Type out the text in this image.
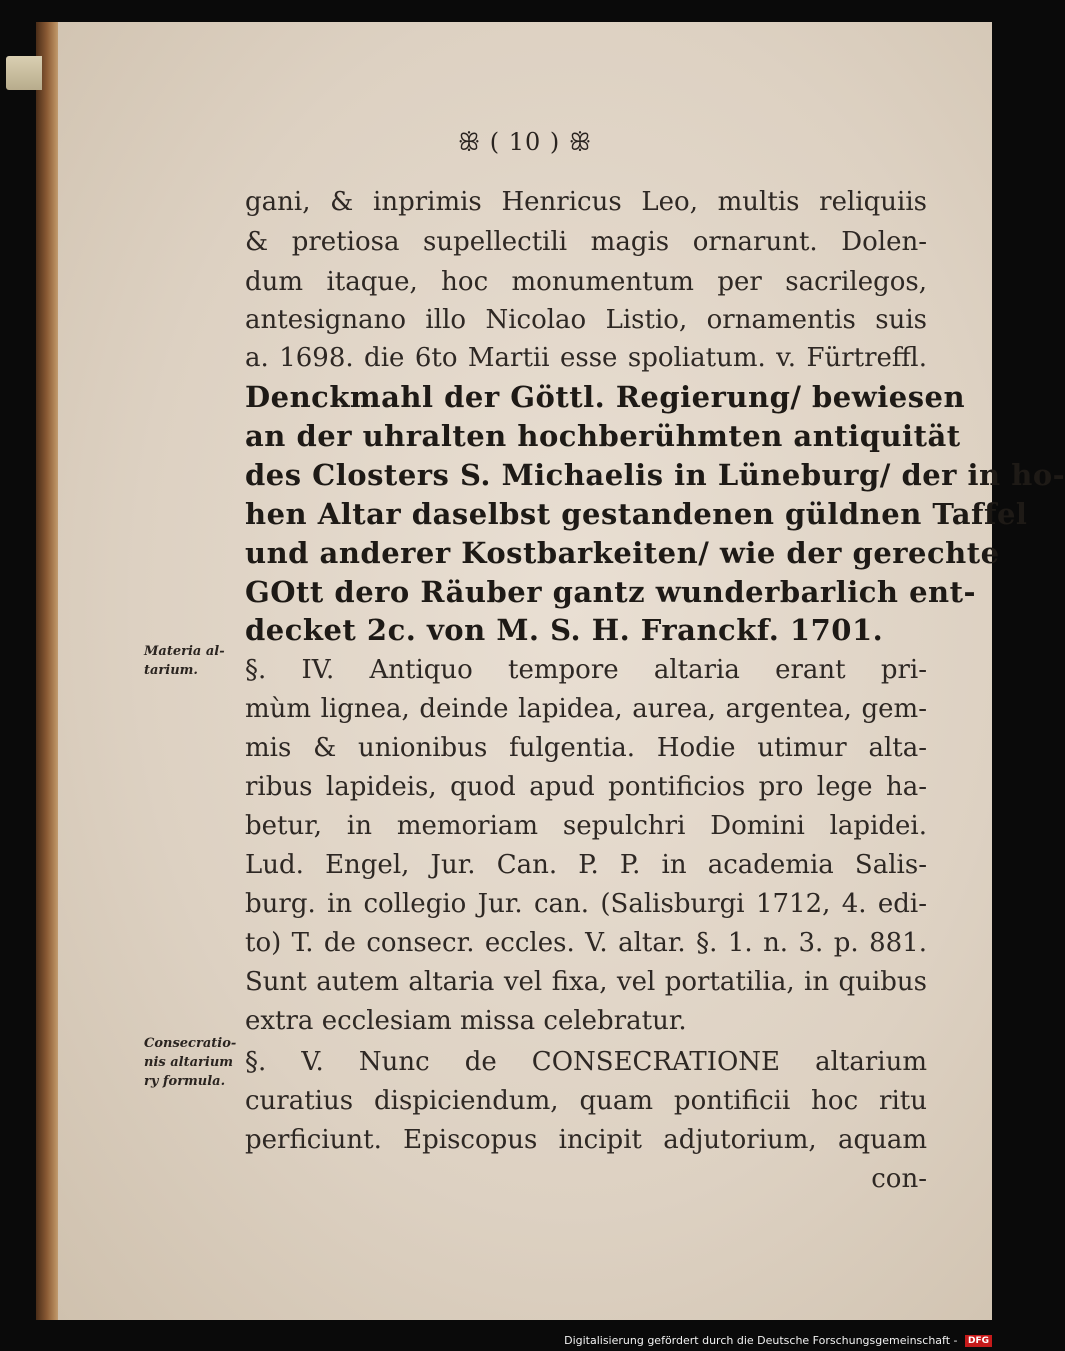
ꕥ ( 10 ) ꕥ
gani, & inprimis Henricus Leo, multis reliquiis
& pretiosa supellectili magis ornarunt. Dolen-
dum itaque, hoc monumentum per sacrilegos,
antesignano illo Nicolao Listio, ornamentis suis
a. 1698. die 6to Martii esse spoliatum. v. Fürtreffl.
Denckmahl der Göttl. Regierung/ bewiesen
an der uhralten hochberühmten antiquität
des Closters S. Michaelis in Lüneburg/ der in ho-
hen Altar daselbst gestandenen güldnen Taffel
und anderer Kostbarkeiten/ wie der gerechte
GOtt dero Räuber gantz wunderbarlich ent-
decket 2c. von M. S. H. Franckf. 1701.
Materia al-
tarium.	§. IV. Antiquo tempore altaria erant pri-
mùm lignea, deinde lapidea, aurea, argentea, gem-
mis & unionibus fulgentia. Hodie utimur alta-
ribus lapideis, quod apud pontificios pro lege ha-
betur, in memoriam sepulchri Domini lapidei.
Lud. Engel, Jur. Can. P. P. in academia Salis-
burg. in collegio Jur. can. (Salisburgi 1712, 4. edi-
to) T. de consecr. eccles. V. altar. §. 1. n. 3. p. 881.
Sunt autem altaria vel fixa, vel portatilia, in quibus
extra ecclesiam missa celebratur.
Consecratio-
nis altarium
ry formula.
§. V. Nunc de CONSECRATIONE altarium
curatius dispiciendum, quam pontificii hoc ritu
perficiunt. Episcopus incipit adjutorium, aquam
con-
Digitalisierung gefördert durch die Deutsche Forschungsgemeinschaft - DFG
